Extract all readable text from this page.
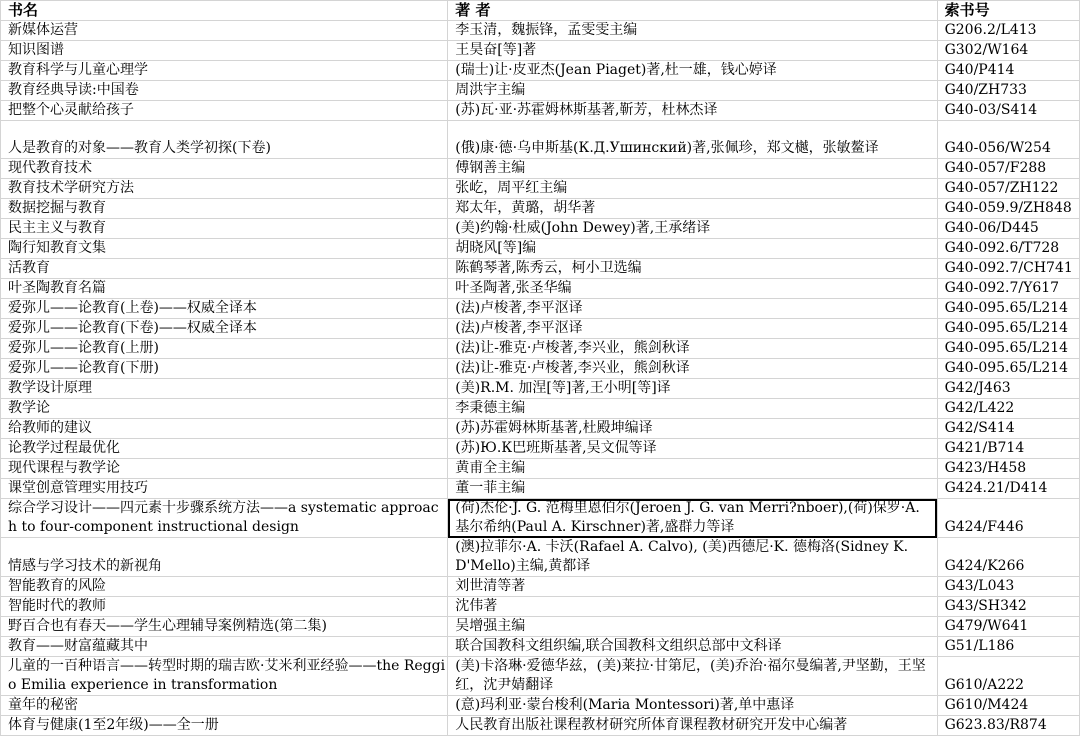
书名	著 者	索书号
新媒体运营	李玉清，魏振锋，孟雯雯主编	G206.2/L413
知识图谱	王昊奋[等]著	G302/W164
教育科学与儿童心理学	(瑞士)让·皮亚杰(Jean Piaget)著,杜一雄，钱心婷译	G40/P414
教育经典导读:中国卷	周洪宇主编	G40/ZH733
把整个心灵献给孩子	(苏)瓦·亚·苏霍姆林斯基著,靳芳，杜林杰译	G40-03/S414
人是教育的对象——教育人类学初探(下卷)	(俄)康·德·乌申斯基(К.Д.Ушинский)著,张佩珍，郑文樾，张敏鳌译	G40-056/W254
现代教育技术	傅钢善主编	G40-057/F288
教育技术学研究方法	张屹，周平红主编	G40-057/ZH122
数据挖掘与教育	郑太年，黄璐，胡华著	G40-059.9/ZH848
民主主义与教育	(美)约翰·杜威(John Dewey)著,王承绪译	G40-06/D445
陶行知教育文集	胡晓风[等]编	G40-092.6/T728
活教育	陈鹤琴著,陈秀云，柯小卫选编	G40-092.7/CH741
叶圣陶教育名篇	叶圣陶著,张圣华编	G40-092.7/Y617
爱弥儿——论教育(上卷)——权威全译本	(法)卢梭著,李平沤译	G40-095.65/L214
爱弥儿——论教育(下卷)——权威全译本	(法)卢梭著,李平沤译	G40-095.65/L214
爱弥儿——论教育(上册)	(法)让-雅克·卢梭著,李兴业，熊剑秋译	G40-095.65/L214
爱弥儿——论教育(下册)	(法)让-雅克·卢梭著,李兴业，熊剑秋译	G40-095.65/L214
教学设计原理	(美)R.M. 加涅[等]著,王小明[等]译	G42/J463
教学论	李秉德主编	G42/L422
给教师的建议	(苏)苏霍姆林斯基著,杜殿坤编译	G42/S414
论教学过程最优化	(苏)Ю.К巴班斯基著,吴文侃等译	G421/B714
现代课程与教学论	黄甫全主编	G423/H458
课堂创意管理实用技巧	董一菲主编	G424.21/D414
综合学习设计——四元素十步骤系统方法——a systematic approach to four-component instructional design	(荷)杰伦·J. G. 范梅里恩伯尔(Jeroen J. G. van Merri?nboer),(荷)保罗·A. 基尔希纳(Paul A. Kirschner)著,盛群力等译	G424/F446
情感与学习技术的新视角	(澳)拉菲尔·A. 卡沃(Rafael A. Calvo), (美)西德尼·K. 德梅洛(Sidney K. D'Mello)主编,黄都译	G424/K266
智能教育的风险	刘世清等著	G43/L043
智能时代的教师	沈伟著	G43/SH342
野百合也有春天——学生心理辅导案例精选(第二集)	吴增强主编	G479/W641
教育——财富蕴藏其中	联合国教科文组织编,联合国教科文组织总部中文科译	G51/L186
儿童的一百种语言——转型时期的瑞吉欧·艾米利亚经验——the Reggio Emilia experience in transformation	(美)卡洛琳·爱德华兹，(美)莱拉·甘第尼，(美)乔治·福尔曼编著,尹坚勤，王坚红，沈尹婧翻译	G610/A222
童年的秘密	(意)玛利亚·蒙台梭利(Maria Montessori)著,单中惠译	G610/M424
体育与健康(1至2年级)——全一册	人民教育出版社课程教材研究所体育课程教材研究开发中心编著	G623.83/R874
